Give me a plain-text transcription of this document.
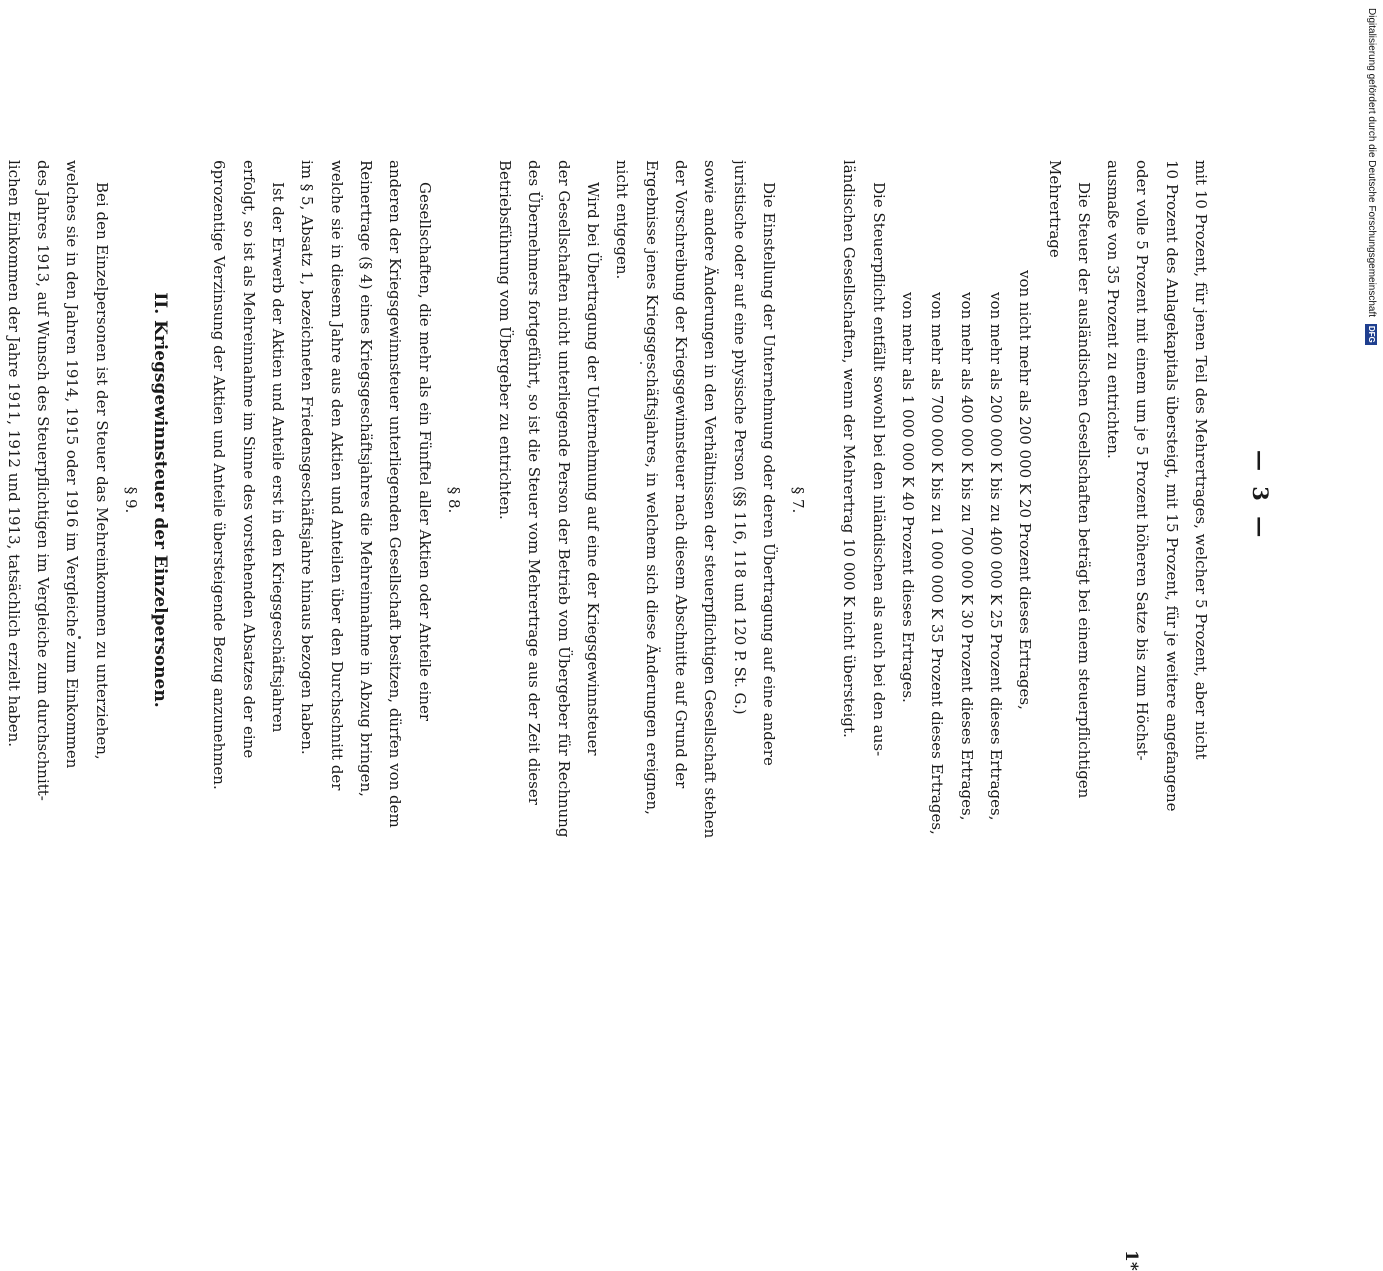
— 3 —
mit 10 Prozent, für jenen Teil des Mehrertrages, welcher 5 Prozent, aber nicht
10 Prozent des Anlagekapitals übersteigt, mit 15 Prozent, für je weitere angefangene
oder volle 5 Prozent mit einem um je 5 Prozent höheren Satze bis zum Höchst-
ausmaße von 35 Prozent zu entrichten.
Die Steuer der ausländischen Gesellschaften beträgt bei einem steuerpflichtigen
Mehrertrage
von nicht mehr als 200 000 K 20 Prozent dieses Ertrages,
von mehr als 200 000 K bis zu 400 000 K 25 Prozent dieses Ertrages,
von mehr als 400 000 K bis zu 700 000 K 30 Prozent dieses Ertrages,
von mehr als 700 000 K bis zu 1 000 000 K 35 Prozent dieses Ertrages,
von mehr als 1 000 000 K 40 Prozent dieses Ertrages.
Die Steuerpflicht entfällt sowohl bei den inländischen als auch bei den aus-
ländischen Gesellschaften, wenn der Mehrertrag 10 000 K nicht übersteigt.
§ 7.
Die Einstellung der Unternehmung oder deren Übertragung auf eine andere
juristische oder auf eine physische Person (§§ 116, 118 und 120 P. St. G.)
sowie andere Änderungen in den Verhältnissen der steuerpflichtigen Gesellschaft stehen
der Vorschreibung der Kriegsgewinnsteuer nach diesem Abschnitte auf Grund der
Ergebnisse jenes Kriegsgeschäftsjahres, in welchem sich diese Änderungen ereignen,
nicht entgegen.
Wird bei Übertragung der Unternehmung auf eine der Kriegsgewinnsteuer
der Gesellschaften nicht unterliegende Person der Betrieb vom Übergeber für Rechnung
des Übernehmers fortgeführt, so ist die Steuer vom Mehrertrage aus der Zeit dieser
Betriebsführung vom Übergeber zu entrichten.
§ 8.
Gesellschaften, die mehr als ein Fünftel aller Aktien oder Anteile einer
anderen der Kriegsgewinnsteuer unterliegenden Gesellschaft besitzen, dürfen von dem
Reinertrage (§ 4) eines Kriegsgeschäftsjahres die Mehreinnahme in Abzug bringen,
welche sie in diesem Jahre aus den Aktien und Anteilen über den Durchschnitt der
im § 5, Absatz 1, bezeichneten Friedensgeschäftsjahre hinaus bezogen haben.
Ist der Erwerb der Aktien und Anteile erst in den Kriegsgeschäftsjahren
erfolgt, so ist als Mehreinnahme im Sinne des vorstehenden Absatzes der eine
6prozentige Verzinsung der Aktien und Anteile übersteigende Bezug anzunehmen.
II. Kriegsgewinnsteuer der Einzelpersonen.
§ 9.
Bei den Einzelpersonen ist der Steuer das Mehreinkommen zu unterziehen,
welches sie in den Jahren 1914, 1915 oder 1916 im Vergleiche zum Einkommen
des Jahres 1913, auf Wunsch des Steuerpflichtigen im Vergleiche zum durchschnitt-
lichen Einkommen der Jahre 1911, 1912 und 1913, tatsächlich erzielt haben.
1*
Digitalisierung gefördert durch die Deutsche Forschungsgemeinschaft DFG
